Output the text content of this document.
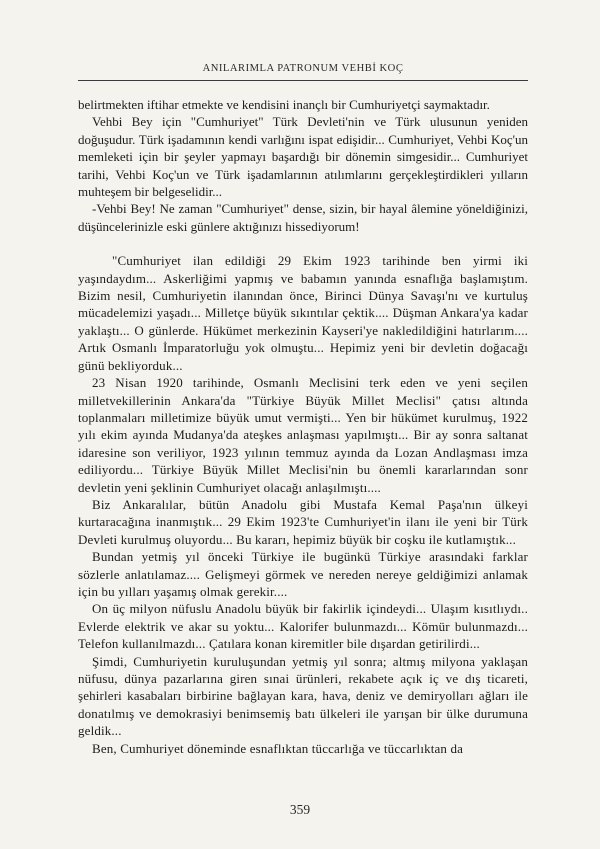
ANILARIMLA PATRONUM VEHBİ KOÇ

belirtmekten iftihar etmekte ve kendisini inançlı bir Cumhuriyetçi saymaktadır.

Vehbi Bey için "Cumhuriyet" Türk Devleti'nin ve Türk ulusunun yeniden doğuşudur. Türk işadamının kendi varlığını ispat edişidir... Cumhuriyet, Vehbi Koç'un memleketi için bir şeyler yapmayı başardığı bir dönemin simgesidir... Cumhuriyet tarihi, Vehbi Koç'un ve Türk işadamlarının atılımlarını gerçekleştirdikleri yılların muhteşem bir belgeselidir...

-Vehbi Bey! Ne zaman "Cumhuriyet" dense, sizin, bir hayal âlemine yöneldiğinizi, düşüncelerinizle eski günlere aktığınızı hissediyorum!

"Cumhuriyet ilan edildiği 29 Ekim 1923 tarihinde ben yirmi iki yaşındaydım... Askerliğimi yapmış ve babamın yanında esnaflığa başlamıştım. Bizim nesil, Cumhuriyetin ilanından önce, Birinci Dünya Savaşı'nı ve kurtuluş mücadelemizi yaşadı... Milletçe büyük sıkıntılar çektik.... Düşman Ankara'ya kadar yaklaştı... O günlerde. Hükümet merkezinin Kayseri'ye nakledildiğini hatırlarım.... Artık Osmanlı İmparatorluğu yok olmuştu... Hepimiz yeni bir devletin doğacağı günü bekliyorduk...

23 Nisan 1920 tarihinde, Osmanlı Meclisini terk eden ve yeni seçilen milletvekillerinin Ankara'da "Türkiye Büyük Millet Meclisi" çatısı altında toplanmaları milletimize büyük umut vermişti... Yen bir hükümet kurulmuş, 1922 yılı ekim ayında Mudanya'da ateşkes anlaşması yapılmıştı... Bir ay sonra saltanat idaresine son veriliyor, 1923 yılının temmuz ayında da Lozan Andlaşması imza ediliyordu... Türkiye Büyük Millet Meclisi'nin bu önemli kararlarından sonr devletin yeni şeklinin Cumhuriyet olacağı anlaşılmıştı....

Biz Ankaralılar, bütün Anadolu gibi Mustafa Kemal Paşa'nın ülkeyi kurtaracağına inanmıştık... 29 Ekim 1923'te Cumhuriyet'in ilanı ile yeni bir Türk Devleti kurulmuş oluyordu... Bu kararı, hepimiz büyük bir coşku ile kutlamıştık...

Bundan yetmiş yıl önceki Türkiye ile bugünkü Türkiye arasındaki farklar sözlerle anlatılamaz.... Gelişmeyi görmek ve nereden nereye geldiğimizi anlamak için bu yılları yaşamış olmak gerekir....

On üç milyon nüfuslu Anadolu büyük bir fakirlik içindeydi... Ulaşım kısıtlıydı.. Evlerde elektrik ve akar su yoktu... Kalorifer bulunmazdı... Kömür bulunmazdı... Telefon kullanılmazdı... Çatılara konan kiremitler bile dışardan getirilirdi...

Şimdi, Cumhuriyetin kuruluşundan yetmiş yıl sonra; altmış milyona yaklaşan nüfusu, dünya pazarlarına giren sınai ürünleri, rekabete açık iç ve dış ticareti, şehirleri kasabaları birbirine bağlayan kara, hava, deniz ve demiryolları ağları ile donatılmış ve demokrasiyi benimsemiş batı ülkeleri ile yarışan bir ülke durumuna geldik...

Ben, Cumhuriyet döneminde esnaflıktan tüccarlığa ve tüccarlıktan da

359
